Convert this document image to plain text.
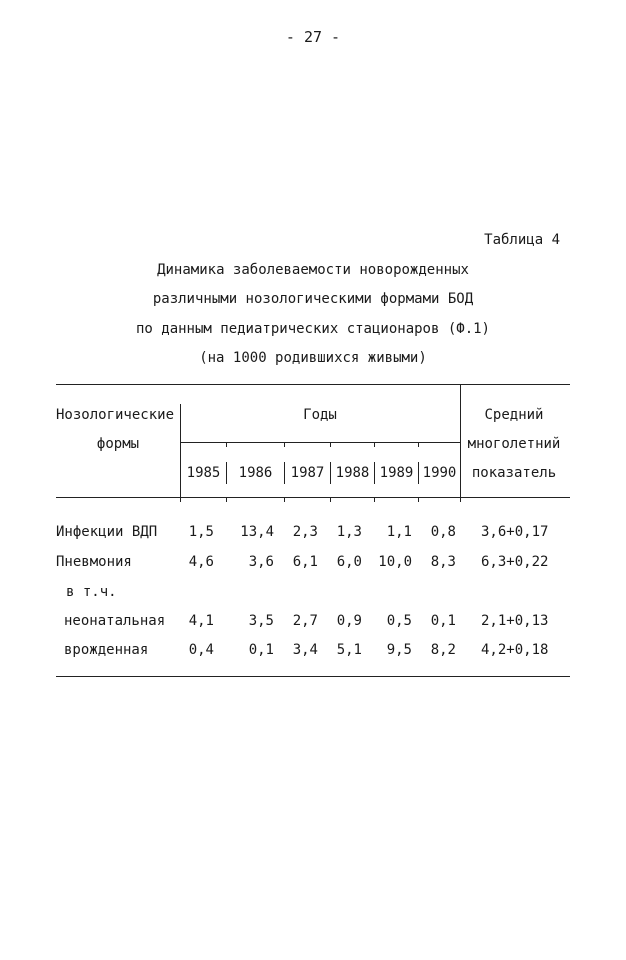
- 27 -
Таблица 4
Динамика заболеваемости новорожденных
различными нозологическими формами БОД
по данным педиатрических стационаров (Ф.1)
(на 1000 родившихся живыми)
Нозологические
формы
Годы
1985	1986	1987 1988 1989 1990
Средний
многолетний
показатель
Инфекции ВДП	1,5	13,4	2,3	1,3	1,1	0,8 3,6+0,17
Пневмония	4,6	3,6	6,1	6,0	10,0	8,3 6,3+0,22
в т.ч.
неонатальная	4,1	3,5	2,7	0,9	0,5	0,1 2,1+0,13
врожденная	0,4	0,1	3,4	5,1	9,5	8,2 4,2+0,18
